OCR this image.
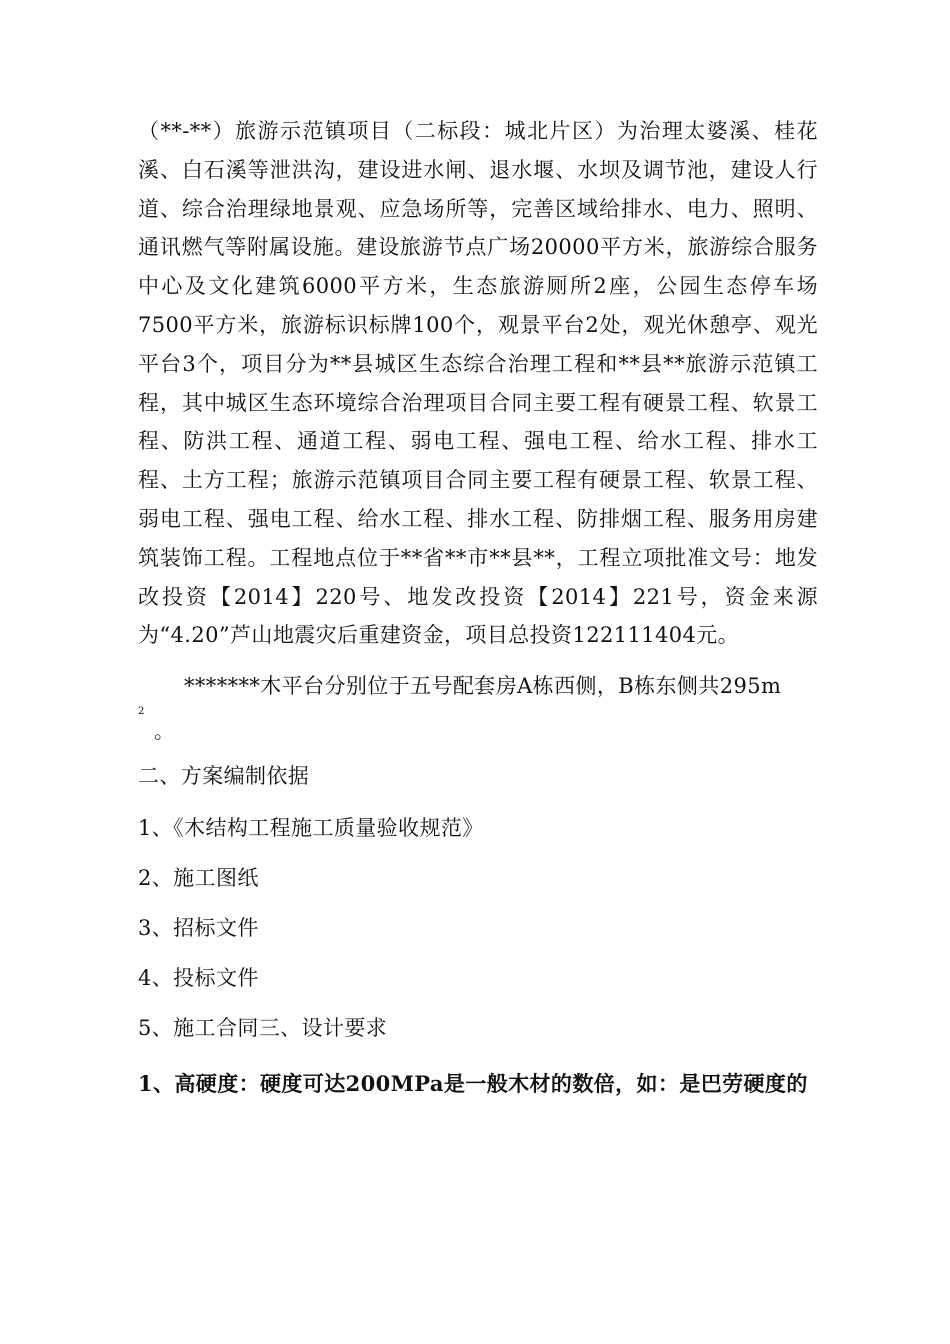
（**-**）旅游示范镇项目（二标段：城北片区）为治理太婆溪、桂花溪、白石溪等泄洪沟，建设进水闸、退水堰、水坝及调节池，建设人行道、综合治理绿地景观、应急场所等，完善区域给排水、电力、照明、通讯燃气等附属设施。建设旅游节点广场20000平方米，旅游综合服务中心及文化建筑6000平方米，生态旅游厕所2座，公园生态停车场7500平方米，旅游标识标牌100个，观景平台2处，观光休憩亭、观光平台3个，项目分为**县城区生态综合治理工程和**县**旅游示范镇工程，其中城区生态环境综合治理项目合同主要工程有硬景工程、软景工程、防洪工程、通道工程、弱电工程、强电工程、给水工程、排水工程、土方工程；旅游示范镇项目合同主要工程有硬景工程、软景工程、弱电工程、强电工程、给水工程、排水工程、防排烟工程、服务用房建筑装饰工程。工程地点位于**省**市**县**，工程立项批准文号：地发改投资【2014】220号、地发改投资【2014】221号，资金来源为“4.20”芦山地震灾后重建资金，项目总投资122111404元。

*******木平台分别位于五号配套房A栋西侧，B栋东侧共295m

2

。

二、方案编制依据

1、《木结构工程施工质量验收规范》

2、施工图纸

3、招标文件

4、投标文件

5、施工合同三、设计要求

1、高硬度：硬度可达200MPa是一般木材的数倍，如：是巴劳硬度的
